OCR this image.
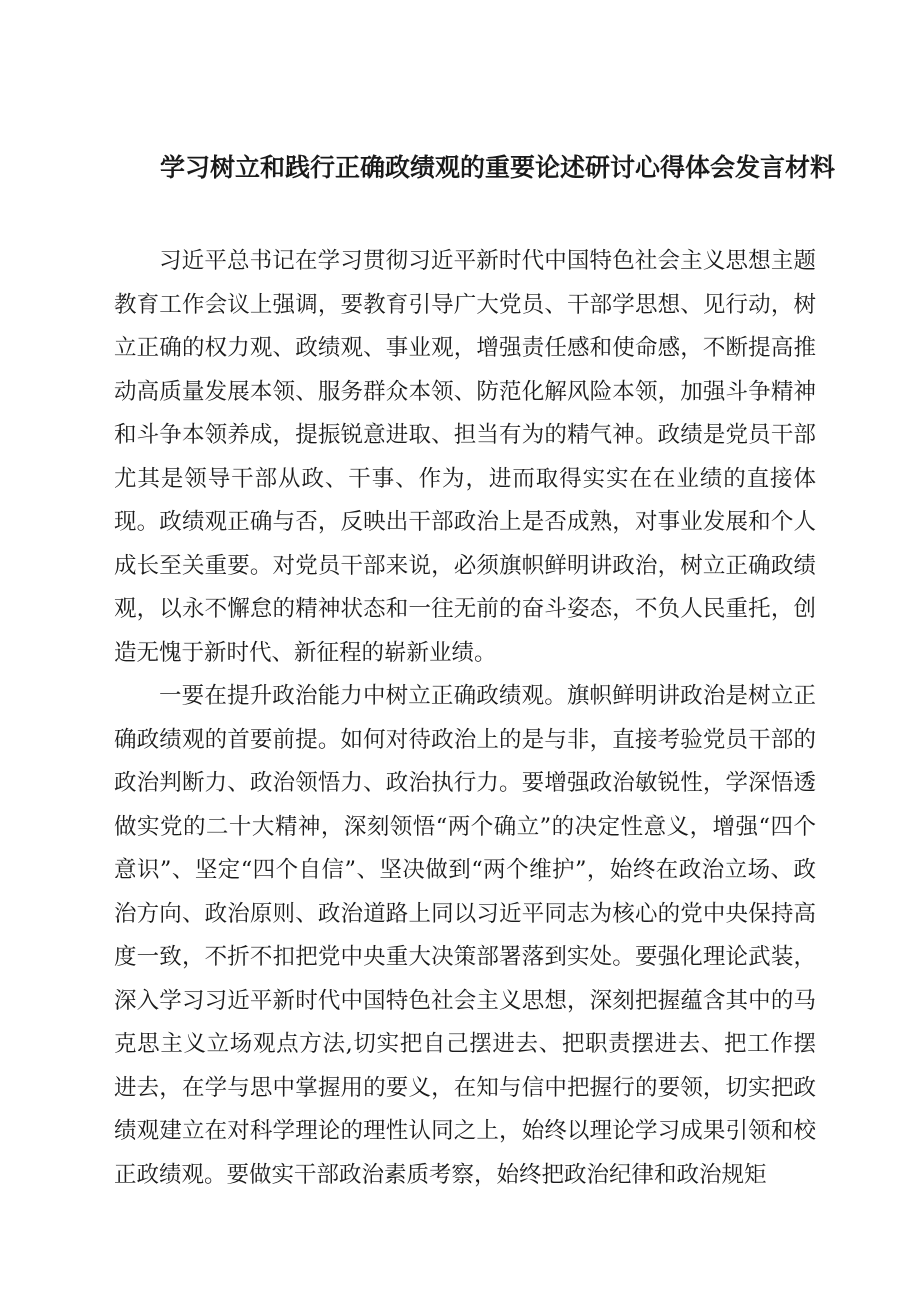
学习树立和践行正确政绩观的重要论述研讨心得体会发言材料

习近平总书记在学习贯彻习近平新时代中国特色社会主义思想主题教育工作会议上强调，要教育引导广大党员、干部学思想、见行动，树立正确的权力观、政绩观、事业观，增强责任感和使命感，不断提高推动高质量发展本领、服务群众本领、防范化解风险本领，加强斗争精神和斗争本领养成，提振锐意进取、担当有为的精气神。政绩是党员干部尤其是领导干部从政、干事、作为，进而取得实实在在业绩的直接体现。政绩观正确与否，反映出干部政治上是否成熟，对事业发展和个人成长至关重要。对党员干部来说，必须旗帜鲜明讲政治，树立正确政绩观，以永不懈怠的精神状态和一往无前的奋斗姿态，不负人民重托，创造无愧于新时代、新征程的崭新业绩。

一要在提升政治能力中树立正确政绩观。旗帜鲜明讲政治是树立正确政绩观的首要前提。如何对待政治上的是与非，直接考验党员干部的政治判断力、政治领悟力、政治执行力。要增强政治敏锐性，学深悟透做实党的二十大精神，深刻领悟“两个确立”的决定性意义，增强“四个意识”、坚定“四个自信”、坚决做到“两个维护”，始终在政治立场、政治方向、政治原则、政治道路上同以习近平同志为核心的党中央保持高度一致，不折不扣把党中央重大决策部署落到实处。要强化理论武装，深入学习习近平新时代中国特色社会主义思想，深刻把握蕴含其中的马克思主义立场观点方法,切实把自己摆进去、把职责摆进去、把工作摆进去，在学与思中掌握用的要义，在知与信中把握行的要领，切实把政绩观建立在对科学理论的理性认同之上，始终以理论学习成果引领和校正政绩观。要做实干部政治素质考察，始终把政治纪律和政治规矩
